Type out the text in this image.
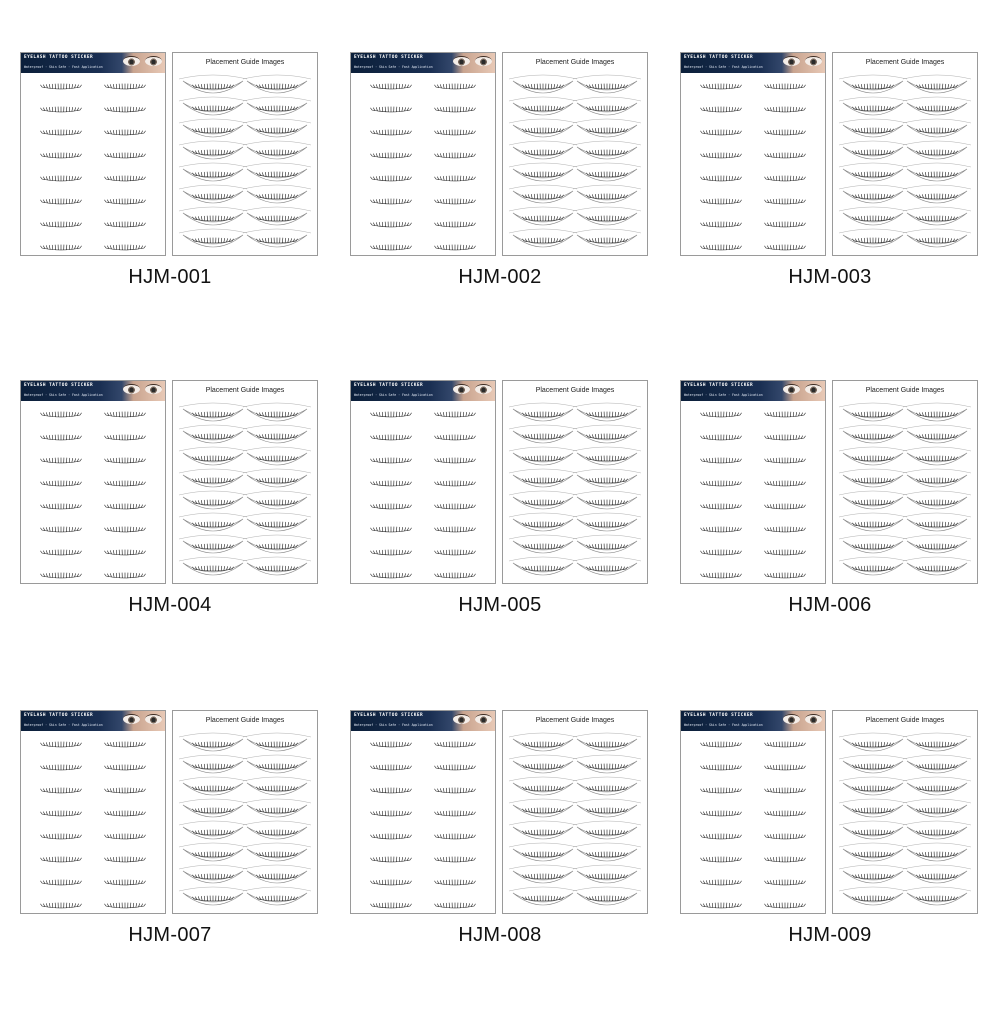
EYELASH TATTOO STICKER
Waterproof · Skin Safe · Fast Application
Placement Guide Images
HJM-001
EYELASH TATTOO STICKER
Waterproof · Skin Safe · Fast Application
Placement Guide Images
HJM-002
EYELASH TATTOO STICKER
Waterproof · Skin Safe · Fast Application
Placement Guide Images
HJM-003
EYELASH TATTOO STICKER
Waterproof · Skin Safe · Fast Application
Placement Guide Images
HJM-004
EYELASH TATTOO STICKER
Waterproof · Skin Safe · Fast Application
Placement Guide Images
HJM-005
EYELASH TATTOO STICKER
Waterproof · Skin Safe · Fast Application
Placement Guide Images
HJM-006
EYELASH TATTOO STICKER
Waterproof · Skin Safe · Fast Application
Placement Guide Images
HJM-007
EYELASH TATTOO STICKER
Waterproof · Skin Safe · Fast Application
Placement Guide Images
HJM-008
EYELASH TATTOO STICKER
Waterproof · Skin Safe · Fast Application
Placement Guide Images
HJM-009
